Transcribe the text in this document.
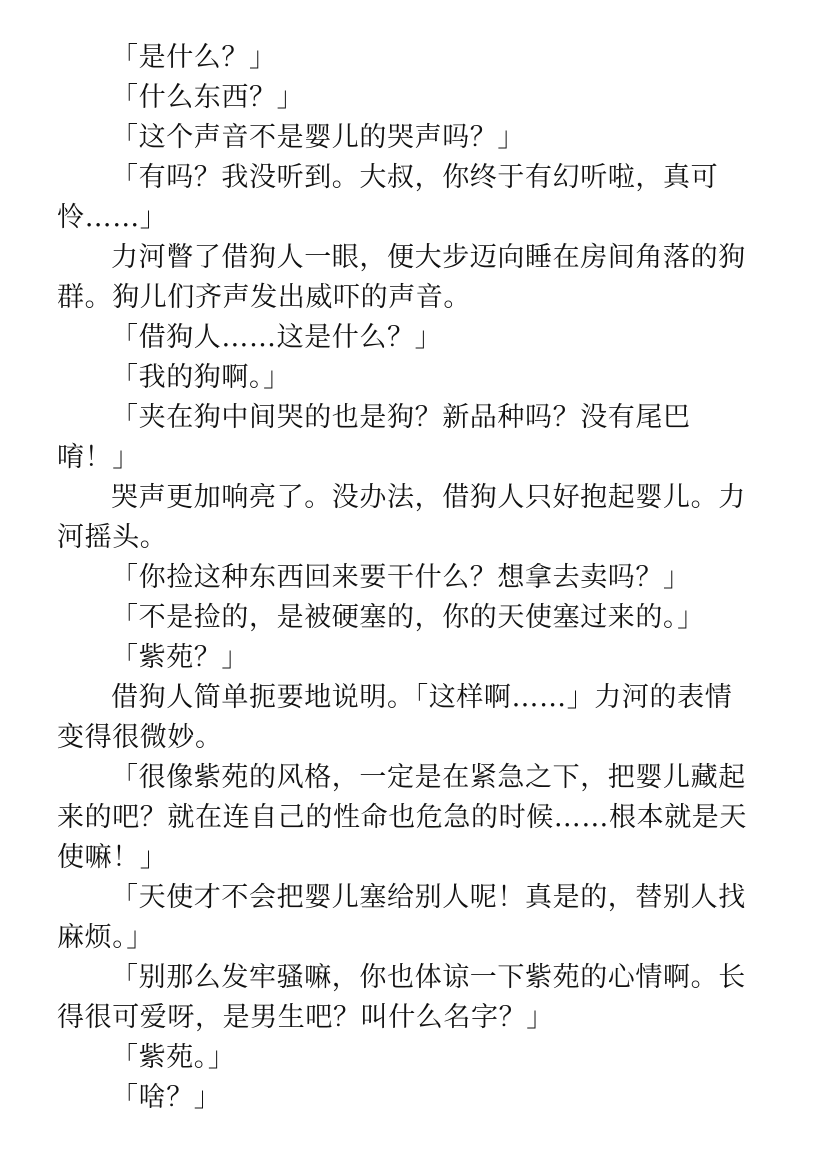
「是什么？」

「什么东西？」

「这个声音不是婴儿的哭声吗？」

「有吗？我没听到。大叔，你终于有幻听啦，真可怜……」

力河瞥了借狗人一眼，便大步迈向睡在房间角落的狗群。狗儿们齐声发出威吓的声音。

「借狗人……这是什么？」

「我的狗啊。」

「夹在狗中间哭的也是狗？新品种吗？没有尾巴唷！」

哭声更加响亮了。没办法，借狗人只好抱起婴儿。力河摇头。

「你捡这种东西回来要干什么？想拿去卖吗？」

「不是捡的，是被硬塞的，你的天使塞过来的。」

「紫苑？」

借狗人简单扼要地说明。「这样啊……」力河的表情变得很微妙。

「很像紫苑的风格，一定是在紧急之下，把婴儿藏起来的吧？就在连自己的性命也危急的时候……根本就是天使嘛！」

「天使才不会把婴儿塞给别人呢！真是的，替别人找麻烦。」

「别那么发牢骚嘛，你也体谅一下紫苑的心情啊。长得很可爱呀，是男生吧？叫什么名字？」

「紫苑。」

「啥？」
